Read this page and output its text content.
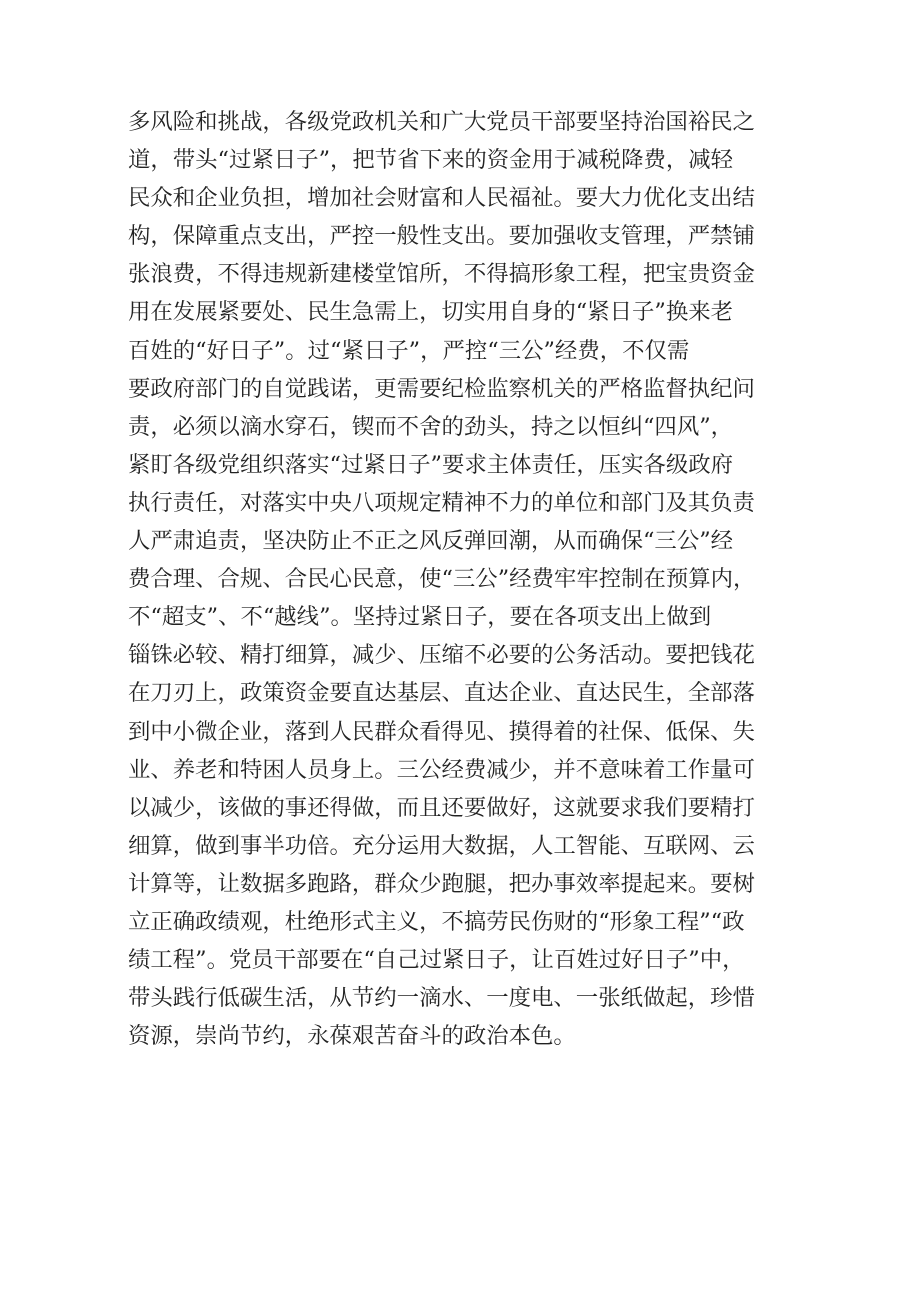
多风险和挑战，各级党政机关和广大党员干部要坚持治国裕民之
道，带头“过紧日子”，把节省下来的资金用于减税降费，减轻
民众和企业负担，增加社会财富和人民福祉。要大力优化支出结
构，保障重点支出，严控一般性支出。要加强收支管理，严禁铺
张浪费，不得违规新建楼堂馆所，不得搞形象工程，把宝贵资金
用在发展紧要处、民生急需上，切实用自身的“紧日子”换来老
百姓的“好日子”。过“紧日子”，严控“三公”经费，不仅需
要政府部门的自觉践诺，更需要纪检监察机关的严格监督执纪问
责，必须以滴水穿石，锲而不舍的劲头，持之以恒纠“四风”，
紧盯各级党组织落实“过紧日子”要求主体责任，压实各级政府
执行责任，对落实中央八项规定精神不力的单位和部门及其负责
人严肃追责，坚决防止不正之风反弹回潮，从而确保“三公”经
费合理、合规、合民心民意，使“三公”经费牢牢控制在预算内，
不“超支”、不“越线”。坚持过紧日子，要在各项支出上做到
锱铢必较、精打细算，减少、压缩不必要的公务活动。要把钱花
在刀刃上，政策资金要直达基层、直达企业、直达民生，全部落
到中小微企业，落到人民群众看得见、摸得着的社保、低保、失
业、养老和特困人员身上。三公经费减少，并不意味着工作量可
以减少，该做的事还得做，而且还要做好，这就要求我们要精打
细算，做到事半功倍。充分运用大数据，人工智能、互联网、云
计算等，让数据多跑路，群众少跑腿，把办事效率提起来。要树
立正确政绩观，杜绝形式主义，不搞劳民伤财的“形象工程”“政
绩工程”。党员干部要在“自己过紧日子，让百姓过好日子”中，
带头践行低碳生活，从节约一滴水、一度电、一张纸做起，珍惜
资源，崇尚节约，永葆艰苦奋斗的政治本色。
